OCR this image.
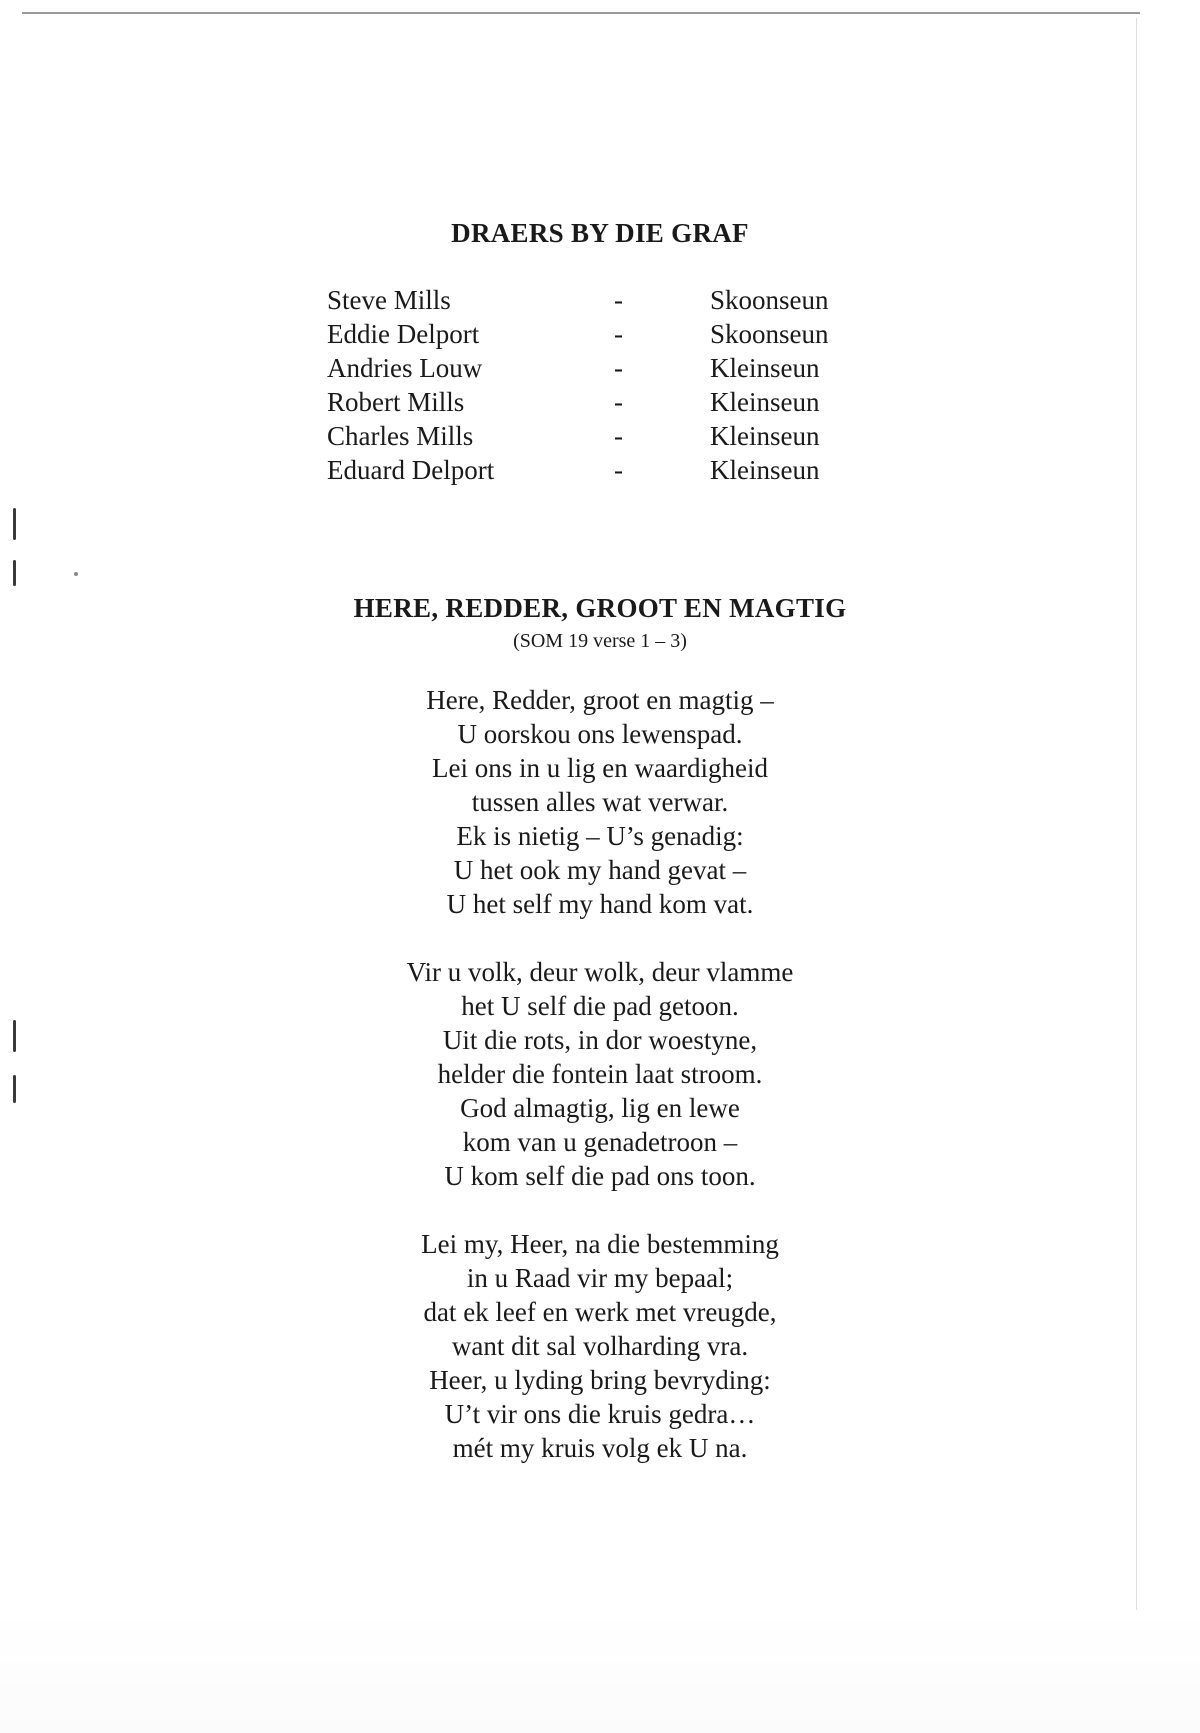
DRAERS BY DIE GRAF
Steve Mills	-	Skoonseun
Eddie Delport	-	Skoonseun
Andries Louw	-	Kleinseun
Robert Mills	-	Kleinseun
Charles Mills	-	Kleinseun
Eduard Delport	-	Kleinseun
HERE, REDDER, GROOT EN MAGTIG
(SOM 19 verse 1 – 3)
Here, Redder, groot en magtig –
U oorskou ons lewenspad.
Lei ons in u lig en waardigheid
tussen alles wat verwar.
Ek is nietig – U’s genadig:
U het ook my hand gevat –
U het self my hand kom vat.
Vir u volk, deur wolk, deur vlamme
het U self die pad getoon.
Uit die rots, in dor woestyne,
helder die fontein laat stroom.
God almagtig, lig en lewe
kom van u genadetroon –
U kom self die pad ons toon.
Lei my, Heer, na die bestemming
in u Raad vir my bepaal;
dat ek leef en werk met vreugde,
want dit sal volharding vra.
Heer, u lyding bring bevryding:
U’t vir ons die kruis gedra…
mét my kruis volg ek U na.
